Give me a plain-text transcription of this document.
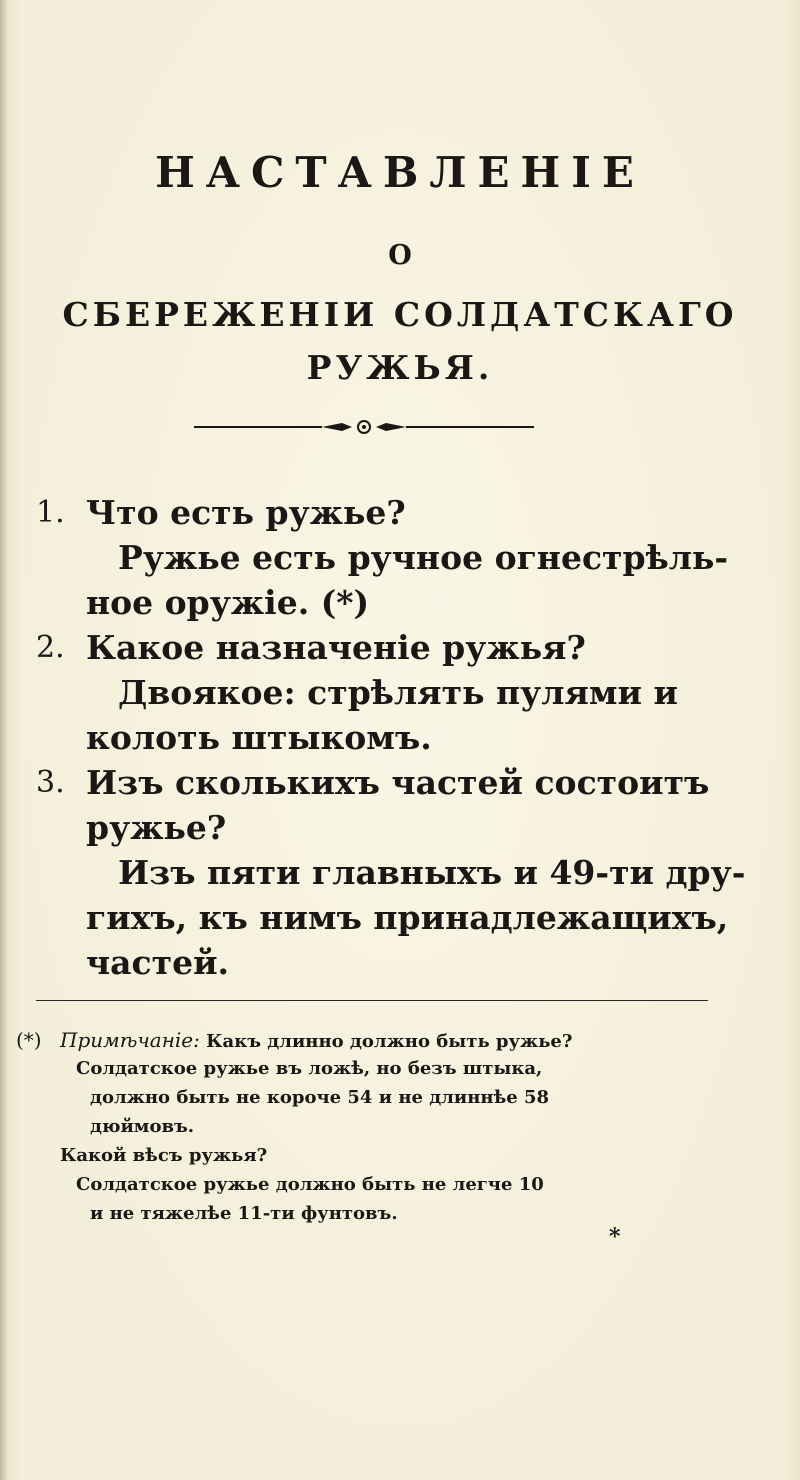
НАСТАВЛЕНІЕ
О
СБЕРЕЖЕНІИ СОЛДАТСКАГО
РУЖЬЯ.
1. Что есть ружье?

Ружье есть ручное огнестрѣль-

ное оружіе. (*)

2. Какое назначеніе ружья?

Двоякое: стрѣлять пулями и

колоть штыкомъ.

3. Изъ сколькихъ частей состоитъ

ружье?

Изъ пяти главныхъ и 49-ти дру-

гихъ, къ нимъ принадлежащихъ,

частей.

(*) Примѣчаніе: Какъ длинно должно быть ружье?

Солдатское ружье въ ложѣ, но безъ штыка,

должно быть не короче 54 и не длиннѣе 58

дюймовъ.

Какой вѣсъ ружья?

Солдатское ружье должно быть не легче 10

и не тяжелѣе 11-ти фунтовъ.

*
